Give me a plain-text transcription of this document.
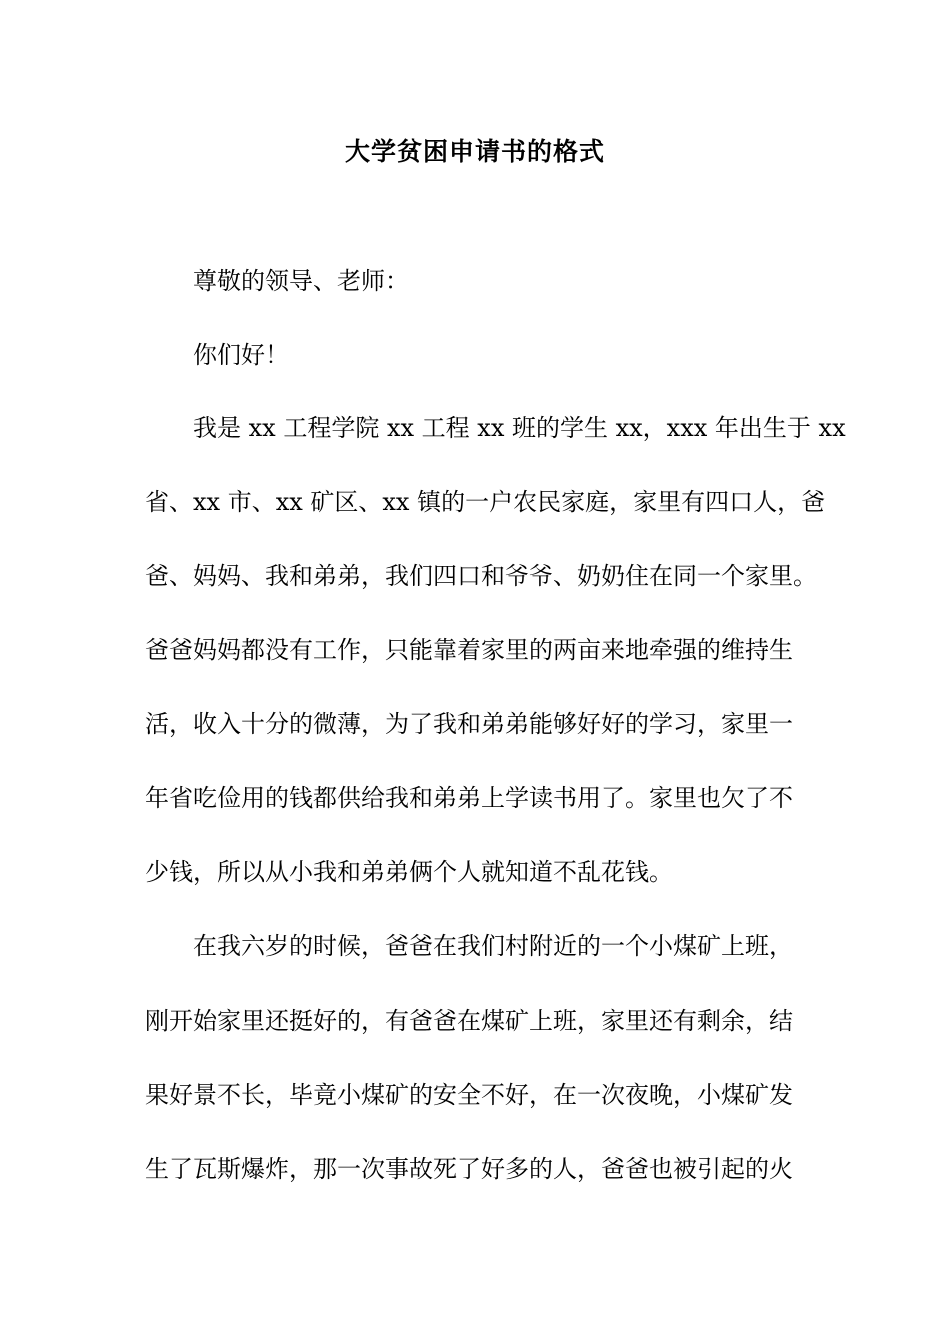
大学贫困申请书的格式

尊敬的领导、老师：

你们好！

我是 xx 工程学院 xx 工程 xx 班的学生 xx，xxx 年出生于 xx

省、xx 市、xx 矿区、xx 镇的一户农民家庭，家里有四口人，爸

爸、妈妈、我和弟弟，我们四口和爷爷、奶奶住在同一个家里。

爸爸妈妈都没有工作，只能靠着家里的两亩来地牵强的维持生

活，收入十分的微薄，为了我和弟弟能够好好的学习，家里一

年省吃俭用的钱都供给我和弟弟上学读书用了。家里也欠了不

少钱，所以从小我和弟弟俩个人就知道不乱花钱。

在我六岁的时候，爸爸在我们村附近的一个小煤矿上班，

刚开始家里还挺好的，有爸爸在煤矿上班，家里还有剩余，结

果好景不长，毕竟小煤矿的安全不好，在一次夜晚，小煤矿发

生了瓦斯爆炸，那一次事故死了好多的人，爸爸也被引起的火
